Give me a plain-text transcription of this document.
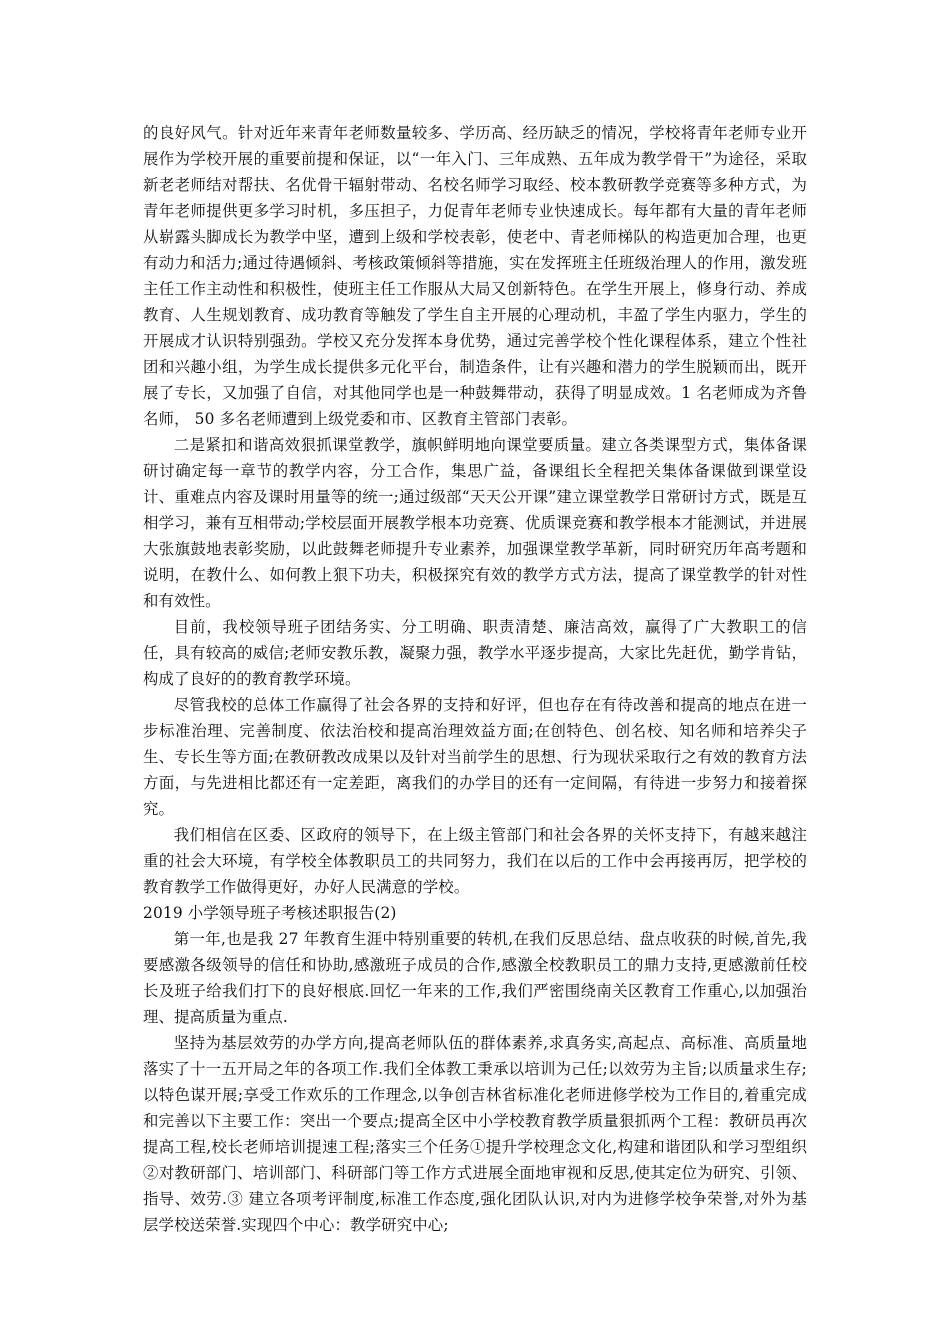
的良好风气。针对近年来青年老师数量较多、学历高、经历缺乏的情况，学校将青年老师专业开展作为学校开展的重要前提和保证，以“一年入门、三年成熟、五年成为教学骨干”为途径，采取新老老师结对帮扶、名优骨干辐射带动、名校名师学习取经、校本教研教学竞赛等多种方式，为青年老师提供更多学习时机，多压担子，力促青年老师专业快速成长。每年都有大量的青年老师从崭露头脚成长为教学中坚，遭到上级和学校表彰，使老中、青老师梯队的构造更加合理，也更有动力和活力;通过待遇倾斜、考核政策倾斜等措施，实在发挥班主任班级治理人的作用，激发班主任工作主动性和积极性，使班主任工作服从大局又创新特色。在学生开展上，修身行动、养成教育、人生规划教育、成功教育等触发了学生自主开展的心理动机，丰盈了学生内驱力，学生的开展成才认识特别强劲。学校又充分发挥本身优势，通过完善学校个性化课程体系，建立个性社团和兴趣小组，为学生成长提供多元化平台，制造条件，让有兴趣和潜力的学生脱颖而出，既开展了专长，又加强了自信，对其他同学也是一种鼓舞带动，获得了明显成效。1 名老师成为齐鲁名师， 50 多名老师遭到上级党委和市、区教育主管部门表彰。

二是紧扣和谐高效狠抓课堂教学，旗帜鲜明地向课堂要质量。建立各类课型方式，集体备课研讨确定每一章节的教学内容，分工合作，集思广益，备课组长全程把关集体备课做到课堂设计、重难点内容及课时用量等的统一;通过级部“天天公开课”建立课堂教学日常研讨方式，既是互相学习，兼有互相带动;学校层面开展教学根本功竞赛、优质课竞赛和教学根本才能测试，并进展大张旗鼓地表彰奖励，以此鼓舞老师提升专业素养，加强课堂教学革新，同时研究历年高考题和说明，在教什么、如何教上狠下功夫，积极探究有效的教学方式方法，提高了课堂教学的针对性和有效性。

目前，我校领导班子团结务实、分工明确、职责清楚、廉洁高效，赢得了广大教职工的信任，具有较高的威信;老师安教乐教，凝聚力强，教学水平逐步提高，大家比先赶优，勤学肯钻，构成了良好的的教育教学环境。

尽管我校的总体工作赢得了社会各界的支持和好评，但也存在有待改善和提高的地点在进一步标准治理、完善制度、依法治校和提高治理效益方面;在创特色、创名校、知名师和培养尖子生、专长生等方面;在教研教改成果以及针对当前学生的思想、行为现状采取行之有效的教育方法方面，与先进相比都还有一定差距，离我们的办学目的还有一定间隔，有待进一步努力和接着探究。

我们相信在区委、区政府的领导下，在上级主管部门和社会各界的关怀支持下，有越来越注重的社会大环境，有学校全体教职员工的共同努力，我们在以后的工作中会再接再厉，把学校的教育教学工作做得更好，办好人民满意的学校。

2019 小学领导班子考核述职报告(2)

第一年,也是我 27 年教育生涯中特别重要的转机,在我们反思总结、盘点收获的时候,首先,我要感激各级领导的信任和协助,感激班子成员的合作,感激全校教职员工的鼎力支持,更感激前任校长及班子给我们打下的良好根底.回忆一年来的工作,我们严密围绕南关区教育工作重心,以加强治理、提高质量为重点.

坚持为基层效劳的办学方向,提高老师队伍的群体素养,求真务实,高起点、高标准、高质量地落实了十一五开局之年的各项工作.我们全体教工秉承以培训为己任;以效劳为主旨;以质量求生存;以特色谋开展;享受工作欢乐的工作理念,以争创吉林省标准化老师进修学校为工作目的,着重完成和完善以下主要工作：突出一个要点;提高全区中小学校教育教学质量狠抓两个工程：教研员再次提高工程,校长老师培训提速工程;落实三个任务①提升学校理念文化,构建和谐团队和学习型组织②对教研部门、培训部门、科研部门等工作方式进展全面地审视和反思,使其定位为研究、引领、指导、效劳.③ 建立各项考评制度,标准工作态度,强化团队认识,对内为进修学校争荣誉,对外为基层学校送荣誉.实现四个中心：教学研究中心;
